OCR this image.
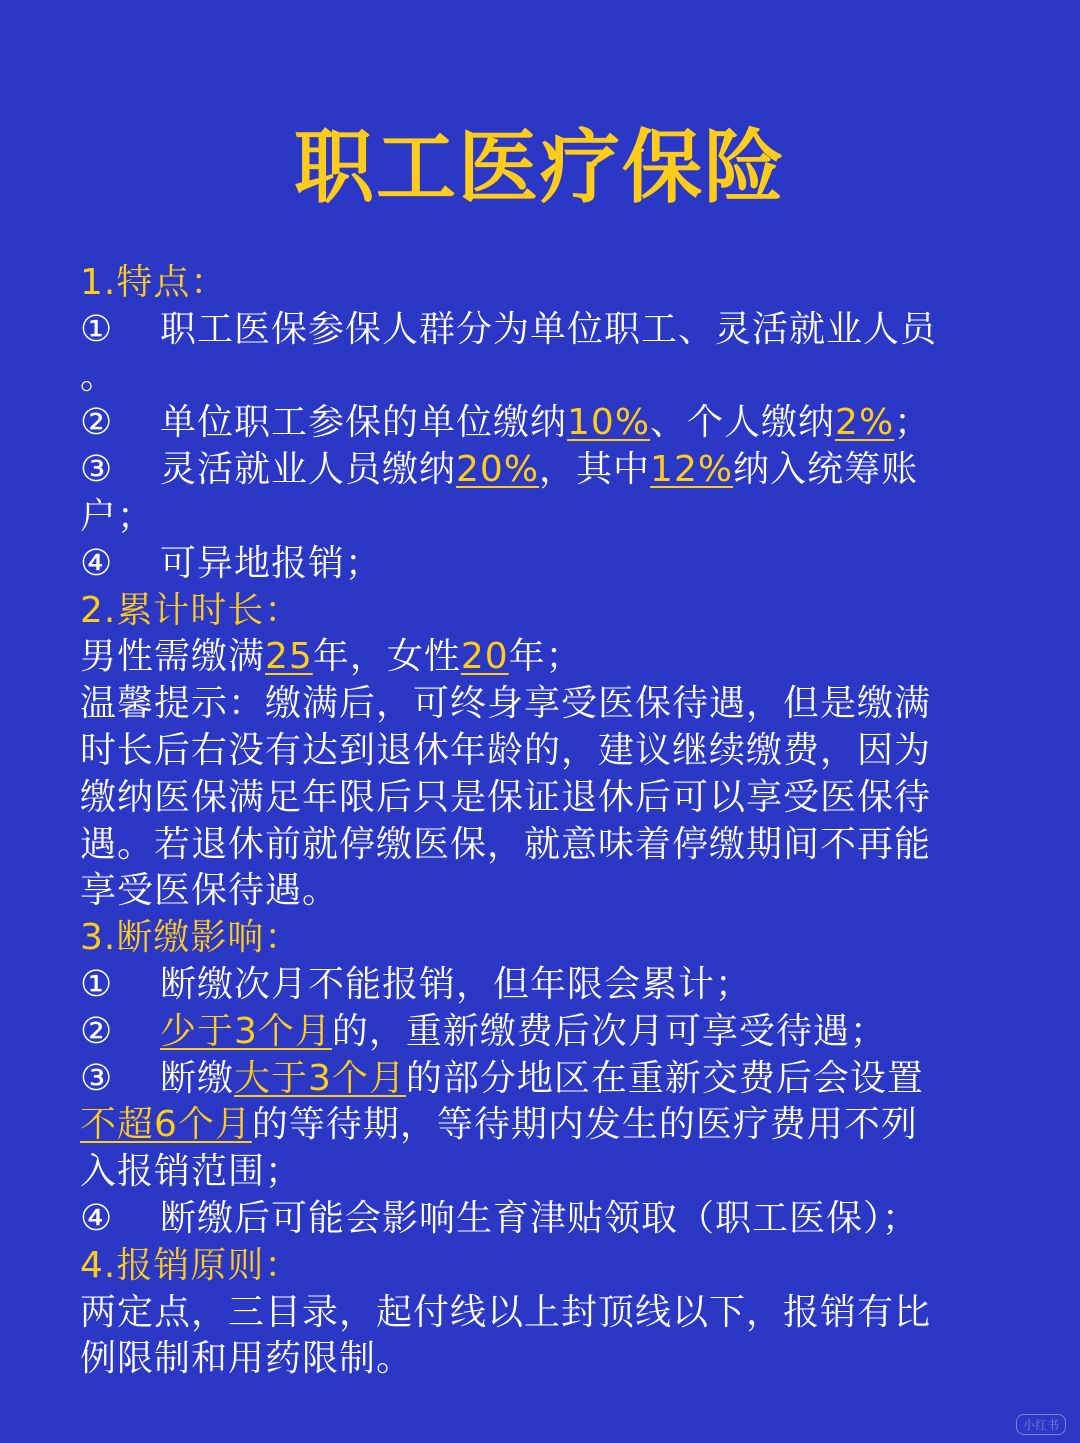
职工医疗保险
1.特点：
① 职工医保参保人群分为单位职工、灵活就业人员
。
② 单位职工参保的单位缴纳10%、个人缴纳2%；
③ 灵活就业人员缴纳20%，其中12%纳入统筹账
户；
④ 可异地报销；
2.累计时长：
男性需缴满25年，女性20年；
温馨提示：缴满后，可终身享受医保待遇，但是缴满
时长后右没有达到退休年龄的，建议继续缴费，因为
缴纳医保满足年限后只是保证退休后可以享受医保待
遇。若退休前就停缴医保，就意味着停缴期间不再能
享受医保待遇。
3.断缴影响：
① 断缴次月不能报销，但年限会累计；
② 少于3个月的，重新缴费后次月可享受待遇；
③ 断缴大于3个月的部分地区在重新交费后会设置
不超6个月的等待期，等待期内发生的医疗费用不列
入报销范围；
④ 断缴后可能会影响生育津贴领取（职工医保）；
4.报销原则：
两定点，三目录，起付线以上封顶线以下，报销有比
例限制和用药限制。
小红书
